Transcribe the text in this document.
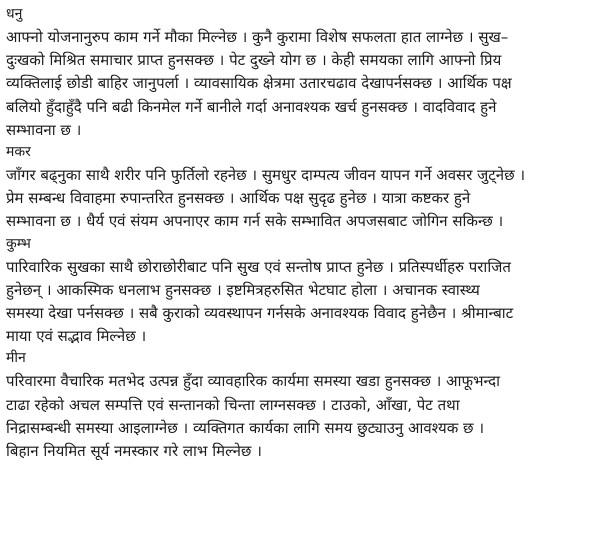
धनु
आफ्नो योजनानुरुप काम गर्ने मौका मिल्नेछ । कुनै कुरामा विशेष सफलता हात लाग्नेछ । सुख–
दुःखको मिश्रित समाचार प्राप्त हुनसक्छ । पेट दुख्ने योग छ । केही समयका लागि आफ्नो प्रिय
व्यक्तिलाई छोडी बाहिर जानुपर्ला । व्यावसायिक क्षेत्रमा उतारचढाव देखापर्नसक्छ । आर्थिक पक्ष
बलियो हुँदाहुँदै पनि बढी किनमेल गर्ने बानीले गर्दा अनावश्यक खर्च हुनसक्छ । वादविवाद हुने
सम्भावना छ ।
मकर
जाँगर बढ्नुका साथै शरीर पनि फुर्तिलो रहनेछ । सुमधुर दाम्पत्य जीवन यापन गर्ने अवसर जुट्नेछ ।
प्रेम सम्बन्ध विवाहमा रुपान्तरित हुनसक्छ । आर्थिक पक्ष सुदृढ हुनेछ । यात्रा कष्टकर हुने
सम्भावना छ । धैर्य एवं संयम अपनाएर काम गर्न सके सम्भावित अपजसबाट जोगिन सकिन्छ ।
कुम्भ
पारिवारिक सुखका साथै छोराछोरीबाट पनि सुख एवं सन्तोष प्राप्त हुनेछ । प्रतिस्पर्धीहरु पराजित
हुनेछन् । आकस्मिक धनलाभ हुनसक्छ । इष्टमित्रहरुसित भेटघाट होला । अचानक स्वास्थ्य
समस्या देखा पर्नसक्छ । सबै कुराको व्यवस्थापन गर्नसके अनावश्यक विवाद हुनेछैन । श्रीमान्बाट
माया एवं सद्भाव मिल्नेछ ।
मीन
परिवारमा वैचारिक मतभेद उत्पन्न हुँदा व्यावहारिक कार्यमा समस्या खडा हुनसक्छ । आफूभन्दा
टाढा रहेको अचल सम्पत्ति एवं सन्तानको चिन्ता लाग्नसक्छ । टाउको, आँखा, पेट तथा
निद्रासम्बन्धी समस्या आइलाग्नेछ । व्यक्तिगत कार्यका लागि समय छुट्याउनु आवश्यक छ ।
बिहान नियमित सूर्य नमस्कार गरे लाभ मिल्नेछ ।
